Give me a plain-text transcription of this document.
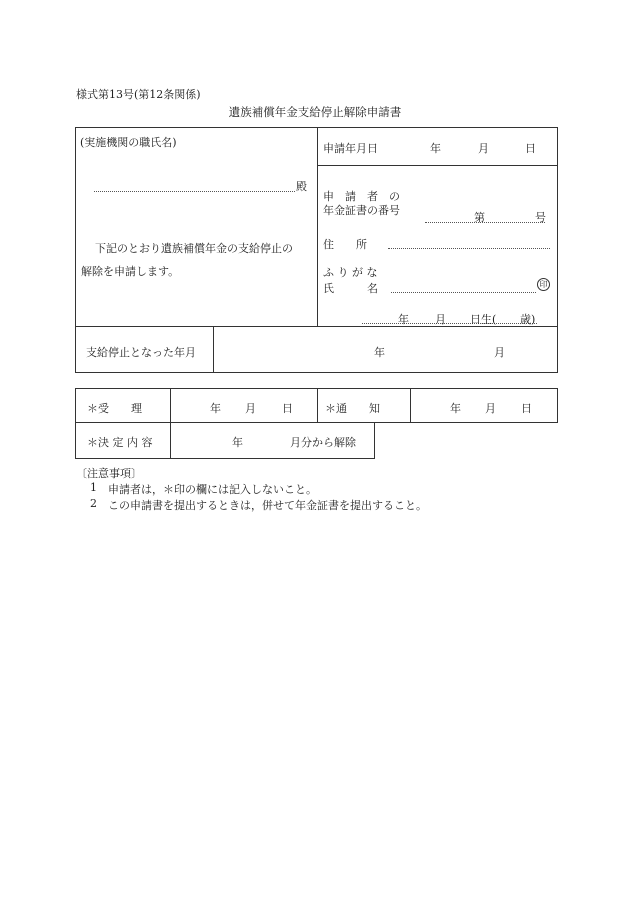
様式第13号(第12条関係)
遺族補償年金支給停止解除申請書
(実施機関の職氏名)
殿
下記のとおり遺族補償年金の支給停止の
解除を申請します。
申請年月日	年	月	日
申　請　者　の
年金証書の番号
第	号
住　　所
ふ り が な
氏　　　名	印
年 月 日生( 歳)
支給停止となった年月	年	月
＊受　　理	年 月 日	＊通　　知	年 月 日
＊決 定 内 容	年	月分から解除
〔注意事項〕
1 申請者は，＊印の欄には記入しないこと。
2 この申請書を提出するときは，併せて年金証書を提出すること。
